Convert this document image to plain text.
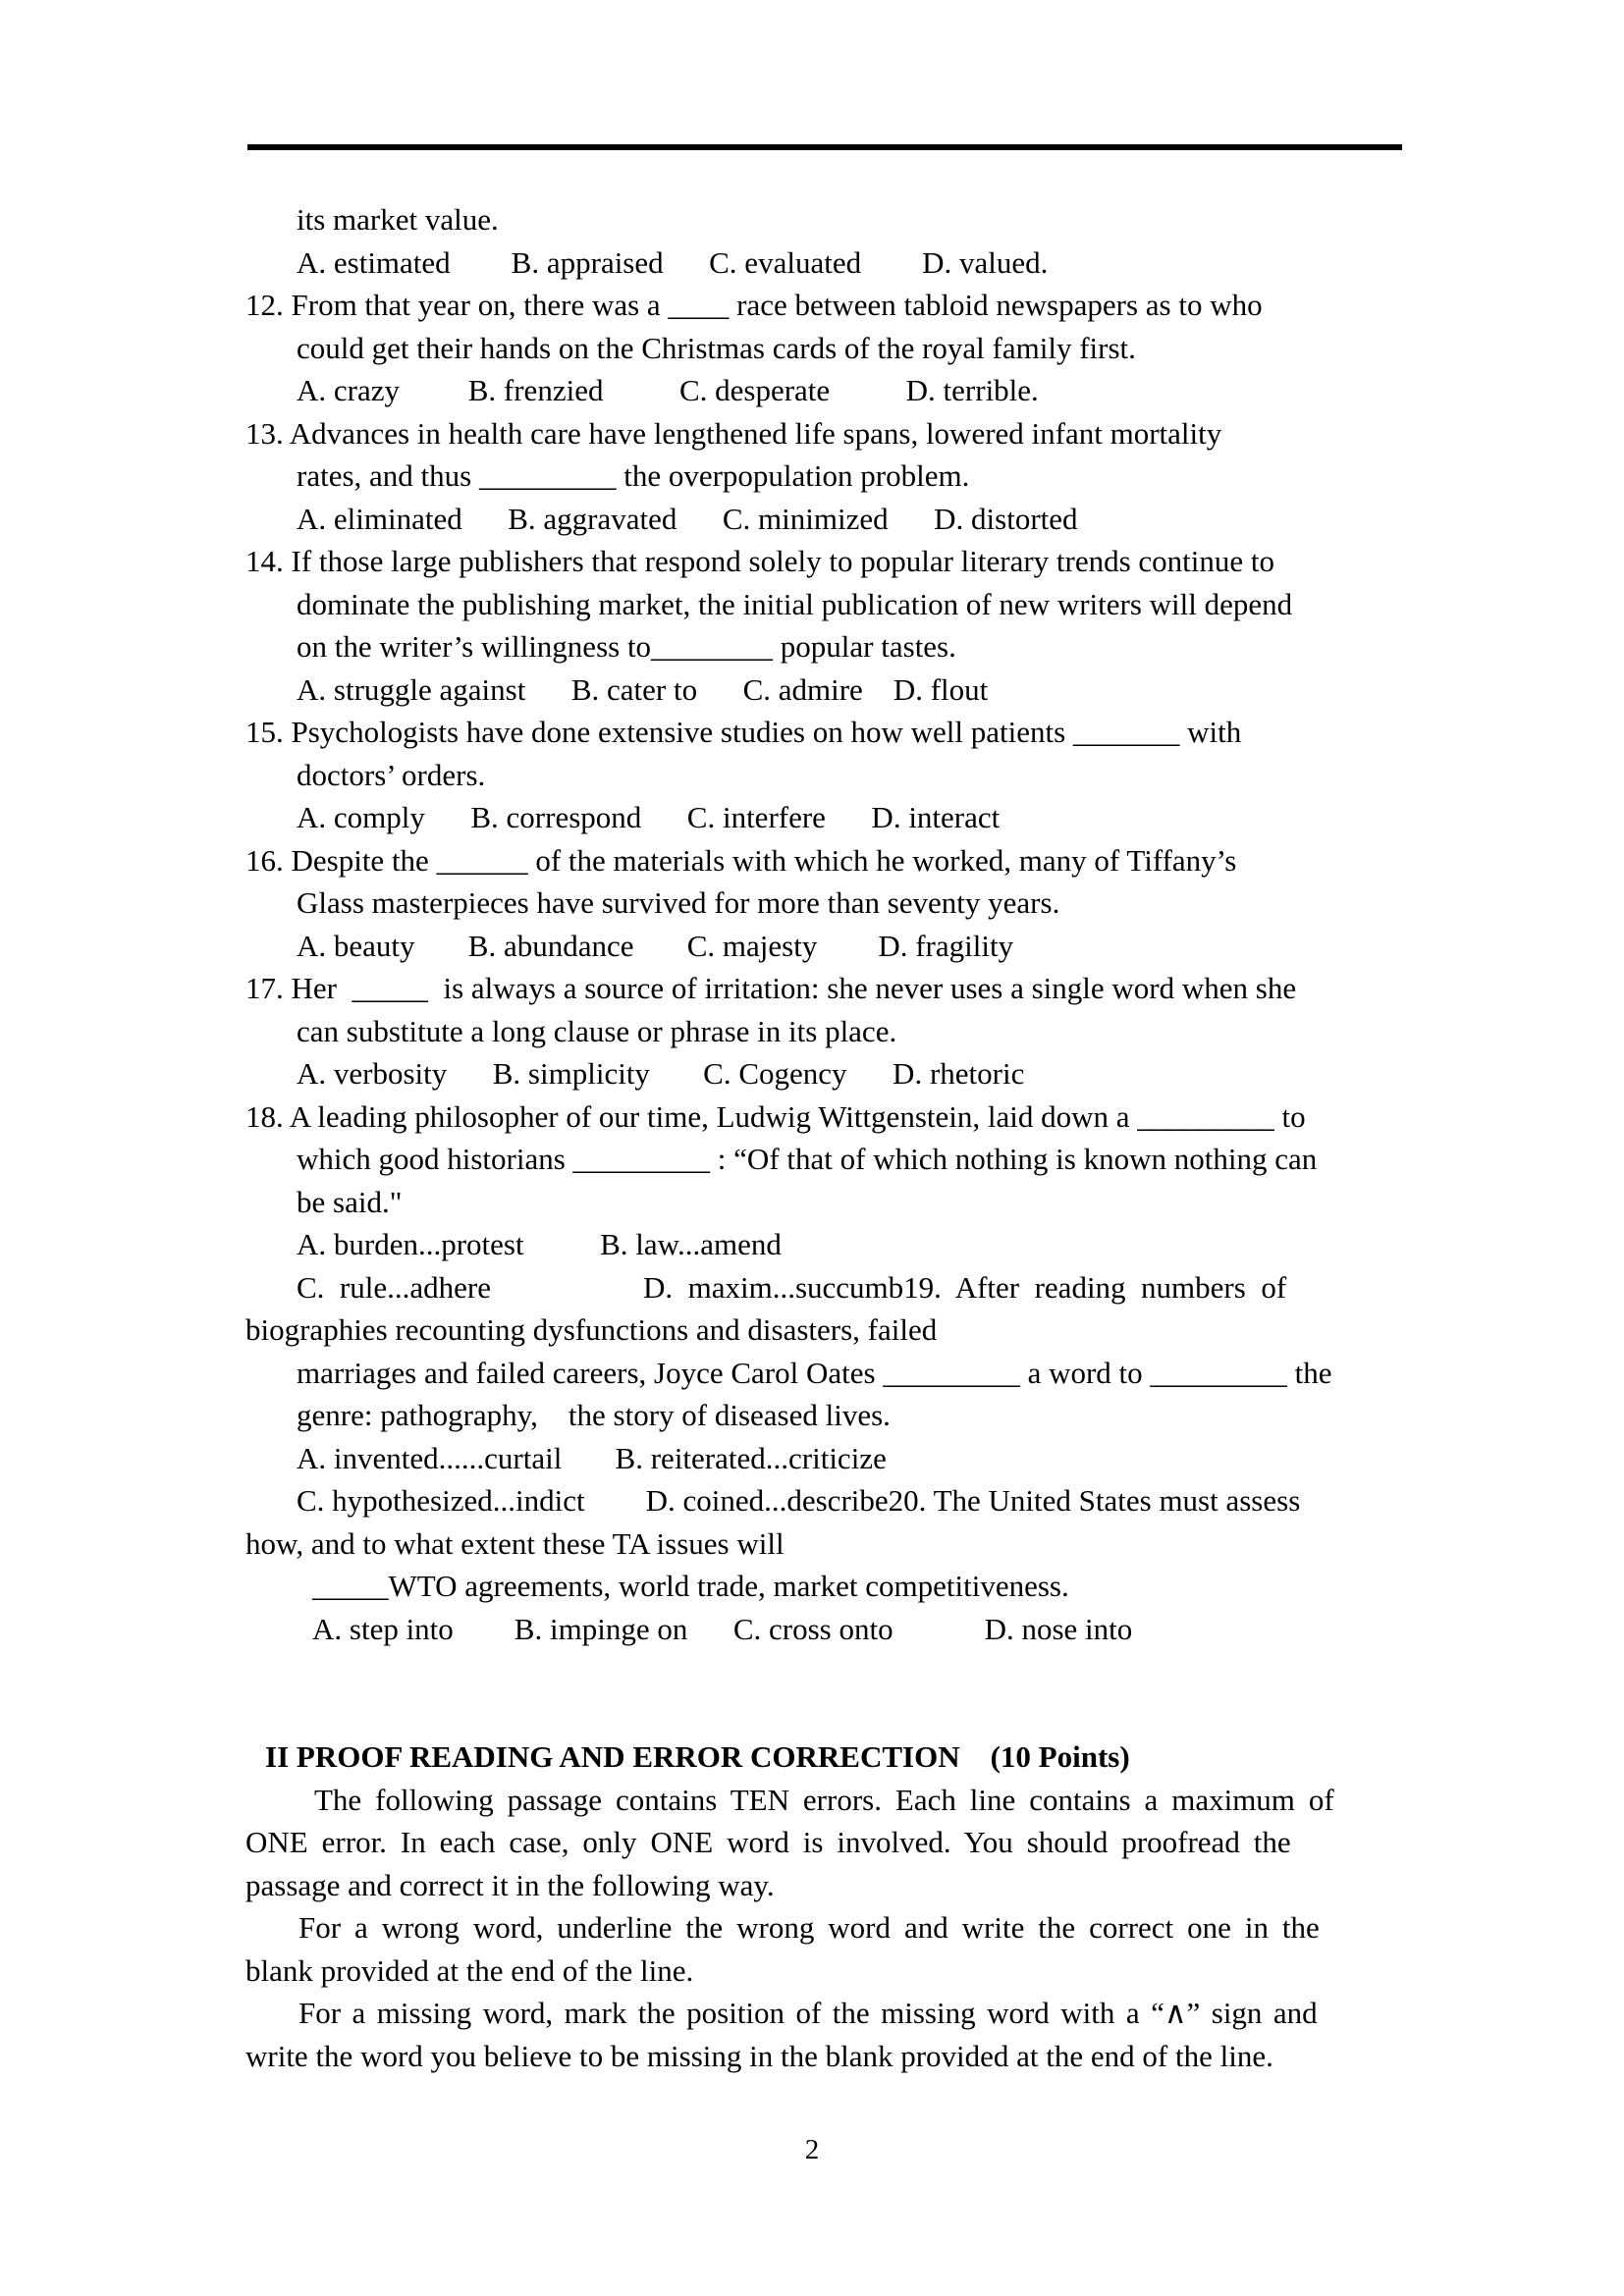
its market value.
A. estimated        B. appraised      C. evaluated        D. valued.
12. From that year on, there was a ____ race between tabloid newspapers as to who
could get their hands on the Christmas cards of the royal family first.
A. crazy         B. frenzied          C. desperate          D. terrible.
13. Advances in health care have lengthened life spans, lowered infant mortality
rates, and thus _________ the overpopulation problem.
A. eliminated      B. aggravated      C. minimized      D. distorted
14. If those large publishers that respond solely to popular literary trends continue to
dominate the publishing market, the initial publication of new writers will depend
on the writer’s willingness to________ popular tastes.
A. struggle against      B. cater to      C. admire    D. flout
15. Psychologists have done extensive studies on how well patients _______ with
doctors’ orders.
A. comply      B. correspond      C. interfere      D. interact
16. Despite the ______ of the materials with which he worked, many of Tiffany’s
Glass masterpieces have survived for more than seventy years.
A. beauty       B. abundance       C. majesty        D. fragility
17. Her  _____  is always a source of irritation: she never uses a single word when she
can substitute a long clause or phrase in its place.
A. verbosity      B. simplicity       C. Cogency      D. rhetoric
18. A leading philosopher of our time, Ludwig Wittgenstein, laid down a _________ to
which good historians _________ : “Of that of which nothing is known nothing can
be said."
A. burden...protest          B. law...amend
C.  rule...adhere                    D.  maxim...succumb19.  After  reading  numbers  of
biographies recounting dysfunctions and disasters, failed
marriages and failed careers, Joyce Carol Oates _________ a word to _________ the
genre: pathography,    the story of diseased lives.
A. invented......curtail       B. reiterated...criticize
C. hypothesized...indict        D. coined...describe20. The United States must assess
how, and to what extent these TA issues will
_____WTO agreements, world trade, market competitiveness.
A. step into        B. impinge on      C. cross onto            D. nose into

II PROOF READING AND ERROR CORRECTION    (10 Points)
The following passage contains TEN errors. Each line contains a maximum of
ONE error. In each case, only ONE word is involved. You should proofread the
passage and correct it in the following way.
For a wrong word, underline the wrong word and write the correct one in the
blank provided at the end of the line.
For a missing word, mark the position of the missing word with a “∧” sign and
write the word you believe to be missing in the blank provided at the end of the line.
2
